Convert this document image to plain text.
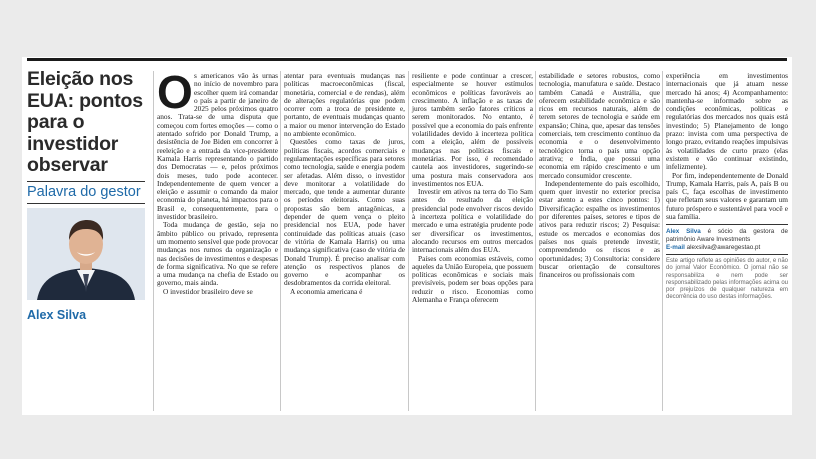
Eleição nos EUA: pontos para o investidor observar
Palavra do gestor
Alex Silva

Os americanos vão às urnas no início de novembro para escolher quem irá comandar o país a partir de janeiro de 2025 pelos próximos quatro anos. Trata-se de uma disputa que começou com fortes emoções — como o atentado sofrido por Donald Trump, a desistência de Joe Biden em concorrer à reeleição e a entrada da vice-presidente Kamala Harris representando o partido dos Democratas — e, pelos próximos dois meses, tudo pode acontecer. Independentemente de quem vencer a eleição e assumir o comando da maior economia do planeta, há impactos para o Brasil e, consequentemente, para o investidor brasileiro.

Toda mudança de gestão, seja no âmbito público ou privado, representa um momento sensível que pode provocar mudanças nos rumos da organização e nas decisões de investimentos e despesas de forma significativa. No que se refere a uma mudança na chefia de Estado ou governo, mais ainda.

O investidor brasileiro deve se

atentar para eventuais mudanças nas políticas macroeconômicas (fiscal, monetária, comercial e de rendas), além de alterações regulatórias que podem ocorrer com a troca de presidente e, portanto, de eventuais mudanças quanto a maior ou menor intervenção do Estado no ambiente econômico.

Questões como taxas de juros, políticas fiscais, acordos comerciais e regulamentações específicas para setores como tecnologia, saúde e energia podem ser afetadas. Além disso, o investidor deve monitorar a volatilidade do mercado, que tende a aumentar durante os períodos eleitorais. Como suas propostas são bem antagônicas, a depender de quem vença o pleito presidencial nos EUA, pode haver continuidade das políticas atuais (caso de vitória de Kamala Harris) ou uma mudança significativa (caso de vitória de Donald Trump). É preciso analisar com atenção os respectivos planos de governo e acompanhar os desdobramentos da corrida eleitoral.

A economia americana é

resiliente e pode continuar a crescer, especialmente se houver estímulos econômicos e políticas favoráveis ao crescimento. A inflação e as taxas de juros também serão fatores críticos a serem monitorados. No entanto, é possível que a economia do país enfrente volatilidades devido à incerteza política com a eleição, além de possíveis mudanças nas políticas fiscais e monetárias. Por isso, é recomendado cautela aos investidores, sugerindo-se uma postura mais conservadora aos investimentos nos EUA.

Investir em ativos na terra do Tio Sam antes do resultado da eleição presidencial pode envolver riscos devido à incerteza política e volatilidade do mercado e uma estratégia prudente pode ser diversificar os investimentos, alocando recursos em outros mercados internacionais além dos EUA.

Países com economias estáveis, como aqueles da União Europeia, que possuem políticas econômicas e sociais mais previsíveis, podem ser boas opções para reduzir o risco. Economias como Alemanha e França oferecem

estabilidade e setores robustos, como tecnologia, manufatura e saúde. Destaco também Canadá e Austrália, que oferecem estabilidade econômica e são ricos em recursos naturais, além de terem setores de tecnologia e saúde em expansão; China, que, apesar das tensões comerciais, tem crescimento contínuo da economia e o desenvolvimento tecnológico torna o país uma opção atrativa; e Índia, que possui uma economia em rápido crescimento e um mercado consumidor crescente.

Independentemente do país escolhido, quem quer investir no exterior precisa estar atento a estes cinco pontos: 1) Diversificação: espalhe os investimentos por diferentes países, setores e tipos de ativos para reduzir riscos; 2) Pesquisa: estude os mercados e economias dos países nos quais pretende investir, compreendendo os riscos e as oportunidades; 3) Consultoria: considere buscar orientação de consultores financeiros ou profissionais com

experiência em investimentos internacionais que já atuam nesse mercado há anos; 4) Acompanhamento: mantenha-se informado sobre as condições econômicas, políticas e regulatórias dos mercados nos quais está investindo; 5) Planejamento de longo prazo: invista com uma perspectiva de longo prazo, evitando reações impulsivas às volatilidades de curto prazo (elas existem e vão continuar existindo, infelizmente).

Por fim, independentemente de Donald Trump, Kamala Harris, país A, país B ou país C, faça escolhas de investimento que refletam seus valores e garantam um futuro próspero e sustentável para você e sua família.

Alex Silva é sócio da gestora de patrimônio Aware Investments
E-mail alexsilva@awaregestao.pt
Este artigo reflete as opiniões do autor, e não do jornal Valor Econômico. O jornal não se responsabiliza e nem pode ser responsabilizado pelas informações acima ou por prejuízos de qualquer natureza em decorrência do uso destas informações.
